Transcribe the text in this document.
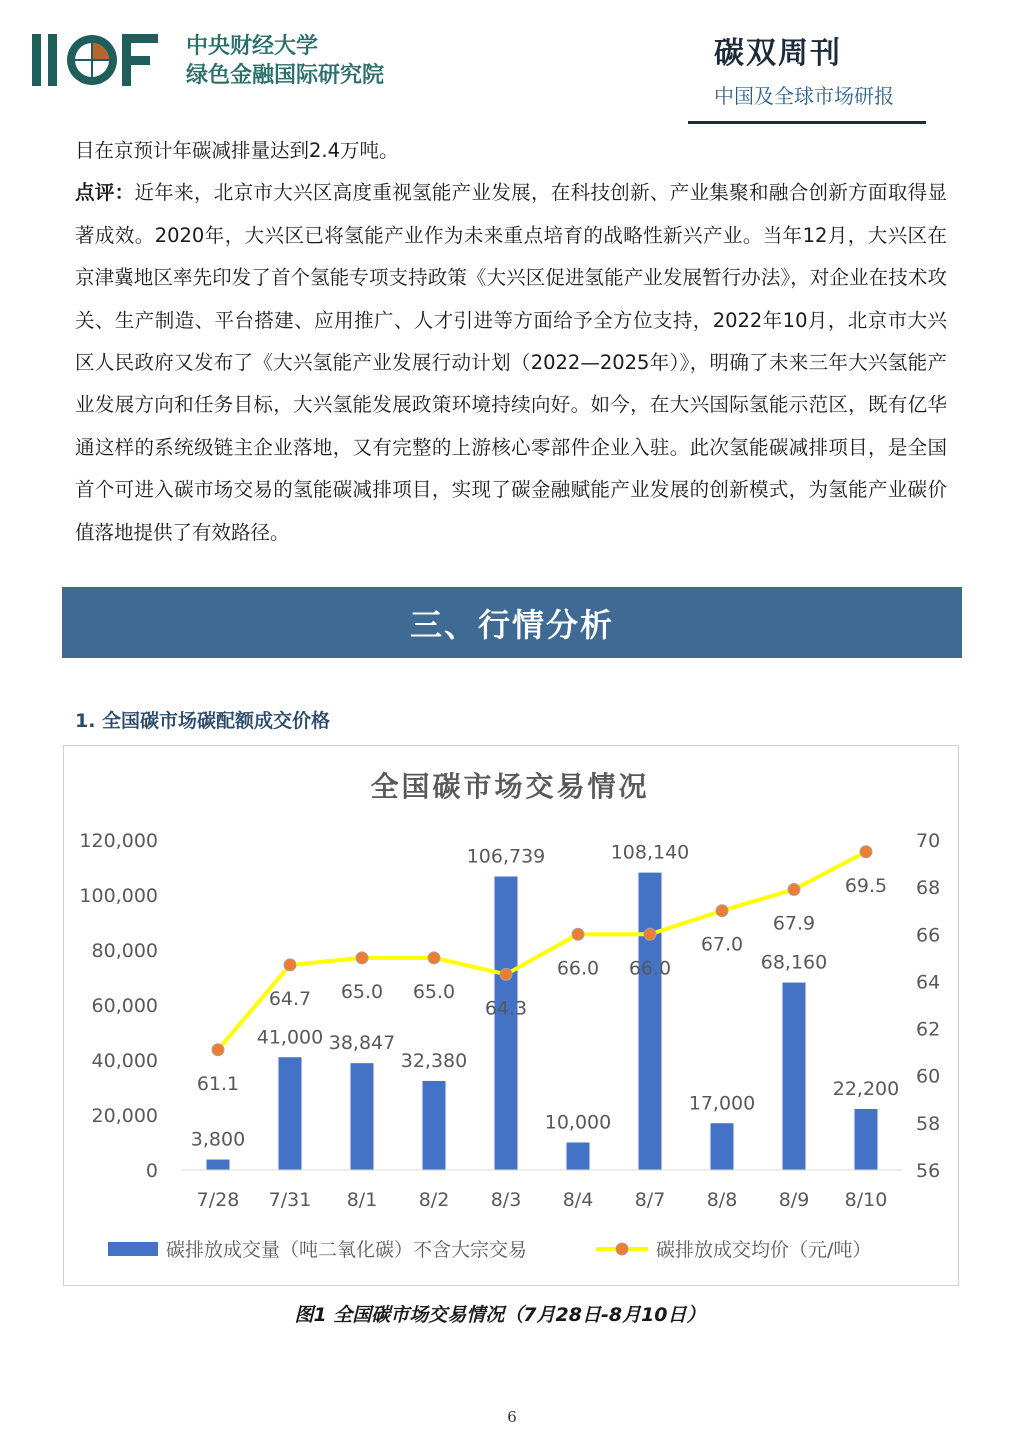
中央财经大学
绿色金融国际研究院
碳双周刊
中国及全球市场研报

目在京预计年碳减排量达到2.4万吨。

点评：近年来，北京市大兴区高度重视氢能产业发展，在科技创新、产业集聚和融合创新方面取得显著成效。2020年，大兴区已将氢能产业作为未来重点培育的战略性新兴产业。当年12月，大兴区在京津冀地区率先印发了首个氢能专项支持政策《大兴区促进氢能产业发展暂行办法》，对企业在技术攻关、生产制造、平台搭建、应用推广、人才引进等方面给予全方位支持，2022年10月，北京市大兴区人民政府又发布了《大兴氢能产业发展行动计划（2022—2025年）》，明确了未来三年大兴氢能产业发展方向和任务目标，大兴氢能发展政策环境持续向好。如今，在大兴国际氢能示范区，既有亿华通这样的系统级链主企业落地，又有完整的上游核心零部件企业入驻。此次氢能碳减排项目，是全国首个可进入碳市场交易的氢能碳减排项目，实现了碳金融赋能产业发展的创新模式，为氢能产业碳价值落地提供了有效路径。

三、行情分析
1. 全国碳市场碳配额成交价格
全国碳市场交易情况
0
20,000
40,000
60,000
80,000
100,000
120,000
56
58
60
62
64
66
68
70
3,800
41,000 38,847
32,380
106,739
10,000
108,140
17,000
68,160
22,200
61.1
64.7 65.0 65.0
64.3
66.0 66.0
67.0
67.9
69.5
7/28 7/31 8/1 8/2 8/3 8/4 8/7 8/8 8/9 8/10
碳排放成交量（吨二氧化碳）不含大宗交易	碳排放成交均价（元/吨）
图1 全国碳市场交易情况（7月28日-8月10日）
6
